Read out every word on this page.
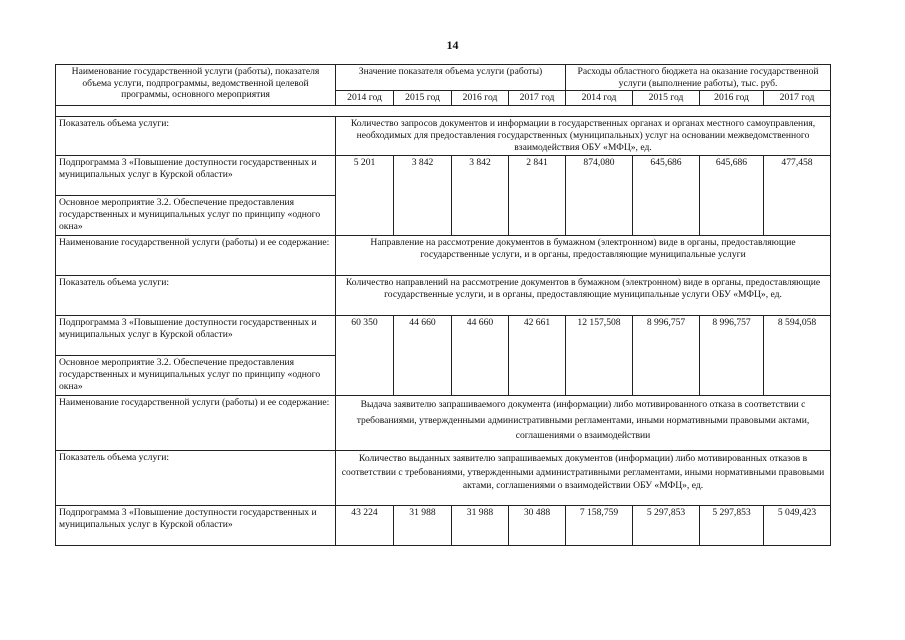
14
Наименование государственной услуги (работы), показателя объема услуги, подпрограммы, ведомственной целевой программы, основного мероприятия	Значение показателя объема услуги (работы)				Расходы областного бюджета на оказание государственной услуги (выполнение работы), тыс. руб.			
	2014 год	2015 год	2016 год	2017 год	2014 год	2015 год	2016 год	2017 год

Показатель объема услуги:	Количество запросов документов и информации в государственных органах и органах местного самоуправления, необходимых для предоставления государственных (муниципальных) услуг на основании межведомственного взаимодействия ОБУ «МФЦ», ед.							
Подпрограмма 3 «Повышение доступности государственных и муниципальных услуг в Курской области»	5 201	3 842	3 842	2 841	874,080	645,686	645,686	477,458
Основное мероприятие 3.2. Обеспечение предоставления государственных и муниципальных услуг по принципу «одного окна»								
Наименование государственной услуги (работы) и ее содержание:	Направление на рассмотрение документов в бумажном (электронном) виде в органы, предоставляющие государственные услуги, и в органы, предоставляющие муниципальные услуги							
Показатель объема услуги:	Количество направлений на рассмотрение документов в бумажном (электронном) виде в органы, предоставляющие государственные услуги, и в органы, предоставляющие муниципальные услуги ОБУ «МФЦ», ед.							
Подпрограмма 3 «Повышение доступности государственных и муниципальных услуг в Курской области»	60 350	44 660	44 660	42 661	12 157,508	8 996,757	8 996,757	8 594,058
Основное мероприятие 3.2. Обеспечение предоставления государственных и муниципальных услуг по принципу «одного окна»								
Наименование государственной услуги (работы) и ее содержание:	Выдача заявителю запрашиваемого документа (информации) либо мотивированного отказа в соответствии с требованиями, утвержденными административными регламентами, иными нормативными правовыми актами, соглашениями о взаимодействии							
Показатель объема услуги:	Количество выданных заявителю запрашиваемых документов (информации) либо мотивированных отказов в соответствии с требованиями, утвержденными административными регламентами, иными нормативными правовыми актами, соглашениями о взаимодействии ОБУ «МФЦ», ед.							
Подпрограмма 3 «Повышение доступности государственных и муниципальных услуг в Курской области»	43 224	31 988	31 988	30 488	7 158,759	5 297,853	5 297,853	5 049,423
